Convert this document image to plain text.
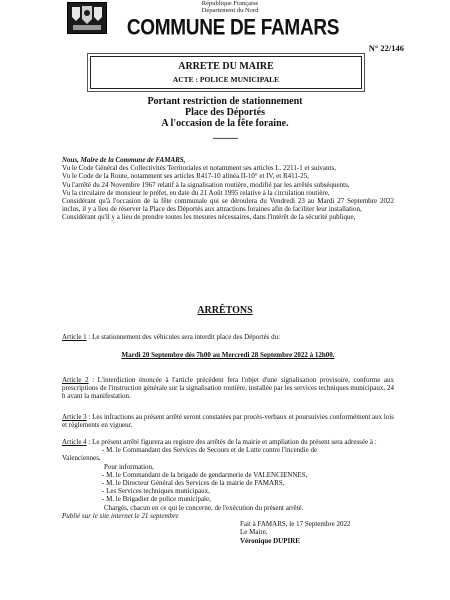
République Française
Département du Nord
COMMUNE DE FAMARS
N° 22/146
ARRETE DU MAIRE
ACTE : POLICE MUNICIPALE
Portant restriction de stationnement
Place des Déportés
A l'occasion de la fête foraine.
______

Nous, Maire de la Commune de FAMARS,

Vu le Code Général des Collectivités Territoriales et notamment ses articles L. 2211-1 et suivants,

Vu le Code de la Route, notamment ses articles R417-10 alinéa II-10° et IV, et R411-25,

Vu l'arrêté du 24 Novembre 1967 relatif à la signalisation routière, modifié par les arrêtés subséquents,

Vu la circulaire de monsieur le préfet, en date du 21 Août 1995 relative à la circulation routière,

Considérant qu'à l'occasion de la fête communale qui se déroulera du Vendredi 23 au Mardi 27 Septembre 2022 inclus, il y a lieu de réserver la Place des Déportés aux attractions foraines afin de faciliter leur installation,

Considérant qu'il y a lieu de prendre toutes les mesures nécessaires, dans l'intérêt de la sécurité publique,

ARRÊTONS

Article 1 : Le stationnement des véhicules sera interdit place des Déportés du:

Mardi 20 Septembre dès 7h00 au Mercredi 28 Septembre 2022 à 12h00.

Article 2 : L'interdiction énoncée à l'article précédent fera l'objet d'une signalisation provisoire, conforme aux prescriptions de l'instruction générale sur la signalisation routière, installée par les services techniques municipaux, 24 h avant la manifestation.

Article 3 : Les infractions au présent arrêté seront constatées par procès-verbaux et poursuivies conformément aux lois et règlements en vigueur.

Article 4 : Le présent arrêté figurera au registre des arrêtés de la mairie et ampliation du présent sera adressée à :

- M. le Commandant des Services de Secours et de Lutte contre l'incendie de

Valenciennes,

Pour information,

- M. le Commandant de la brigade de gendarmerie de VALENCIENNES,

- M. le Directeur Général des Services de la mairie de FAMARS,

- Les Services techniques municipaux,

- M. le Brigadier de police municipale,

Chargés, chacun en ce qui le concerne, de l'exécution du présent arrêté.

Publié sur le site internet le 21 septembre

Fait à FAMARS, le 17 Septembre 2022

Le Maire,

Véronique DUPIRE
